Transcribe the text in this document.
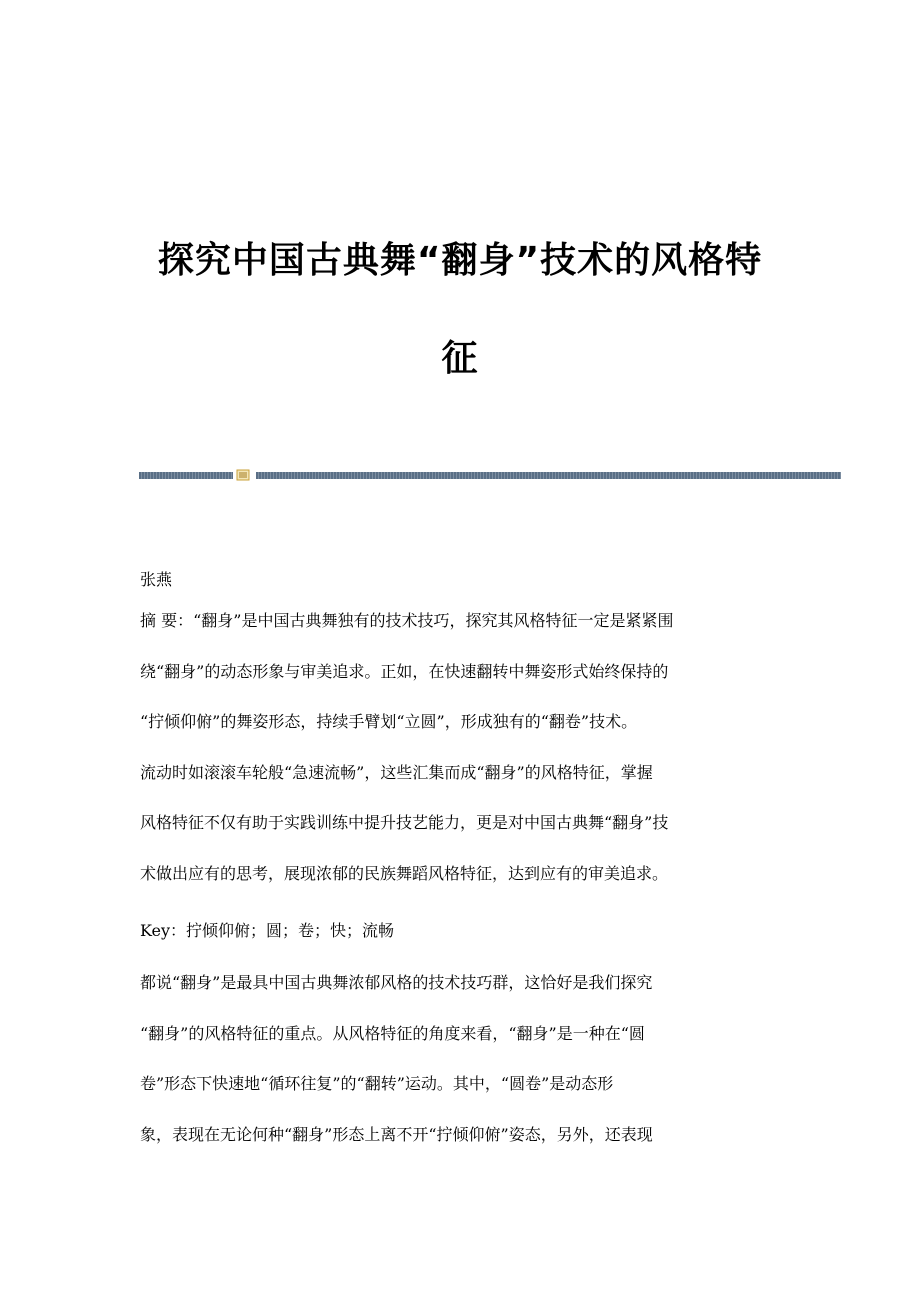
探究中国古典舞“翻身”技术的风格特
征
张燕

摘 要：“翻身”是中国古典舞独有的技术技巧，探究其风格特征一定是紧紧围
绕“翻身”的动态形象与审美追求。正如，在快速翻转中舞姿形式始终保持的
“拧倾仰俯”的舞姿形态，持续手臂划“立圆”，形成独有的“翻卷”技术。
流动时如滚滚车轮般“急速流畅”，这些汇集而成“翻身”的风格特征，掌握
风格特征不仅有助于实践训练中提升技艺能力，更是对中国古典舞“翻身”技
术做出应有的思考，展现浓郁的民族舞蹈风格特征，达到应有的审美追求。

Key：拧倾仰俯；圆；卷；快；流畅

都说“翻身”是最具中国古典舞浓郁风格的技术技巧群，这恰好是我们探究
“翻身”的风格特征的重点。从风格特征的角度来看，“翻身”是一种在“圆
卷”形态下快速地“循环往复”的“翻转”运动。其中，“圆卷”是动态形
象，表现在无论何种“翻身”形态上离不开“拧倾仰俯”姿态，另外，还表现
